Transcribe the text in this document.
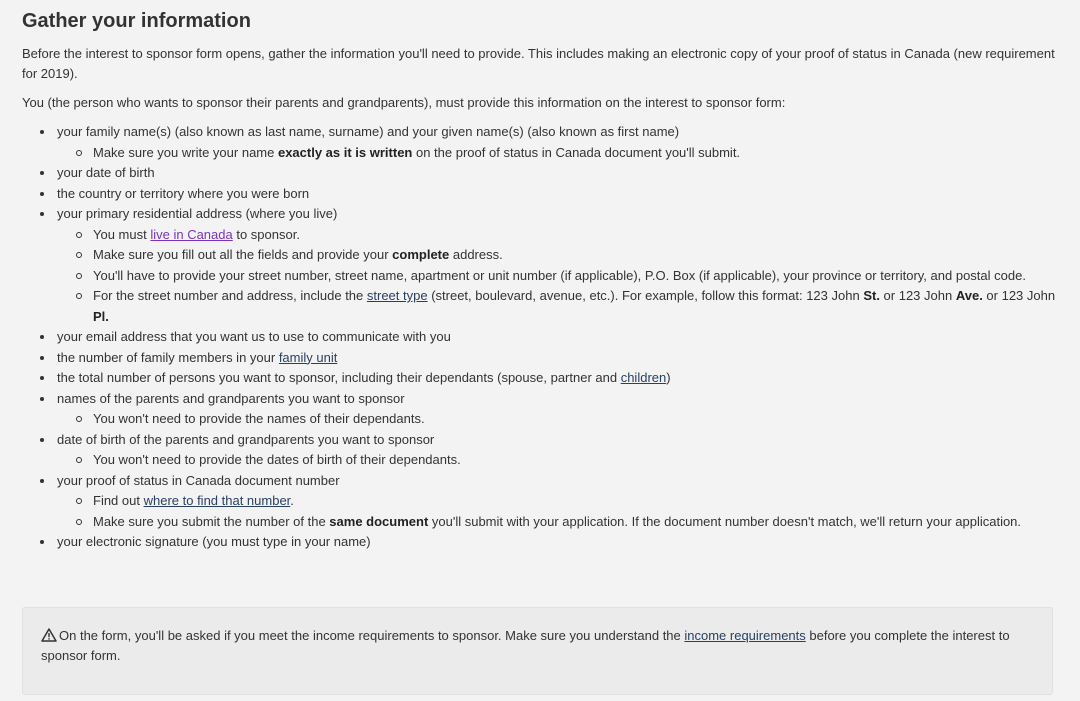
Gather your information

Before the interest to sponsor form opens, gather the information you'll need to provide. This includes making an electronic copy of your proof of status in Canada (new requirement for 2019).

You (the person who wants to sponsor their parents and grandparents), must provide this information on the interest to sponsor form:

your family name(s) (also known as last name, surname) and your given name(s) (also known as first name)
Make sure you write your name exactly as it is written on the proof of status in Canada document you'll submit.
your date of birth
the country or territory where you were born
your primary residential address (where you live)
You must live in Canada to sponsor.
Make sure you fill out all the fields and provide your complete address.
You'll have to provide your street number, street name, apartment or unit number (if applicable), P.O. Box (if applicable), your province or territory, and postal code.
For the street number and address, include the street type (street, boulevard, avenue, etc.). For example, follow this format: 123 John St. or 123 John Ave. or 123 John Pl.
your email address that you want us to use to communicate with you
the number of family members in your family unit
the total number of persons you want to sponsor, including their dependants (spouse, partner and children)
names of the parents and grandparents you want to sponsor
You won't need to provide the names of their dependants.
date of birth of the parents and grandparents you want to sponsor
You won't need to provide the dates of birth of their dependants.
your proof of status in Canada document number
Find out where to find that number.
Make sure you submit the number of the same document you'll submit with your application. If the document number doesn't match, we'll return your application.
your electronic signature (you must type in your name)
On the form, you'll be asked if you meet the income requirements to sponsor. Make sure you understand the income requirements before you complete the interest to sponsor form.
